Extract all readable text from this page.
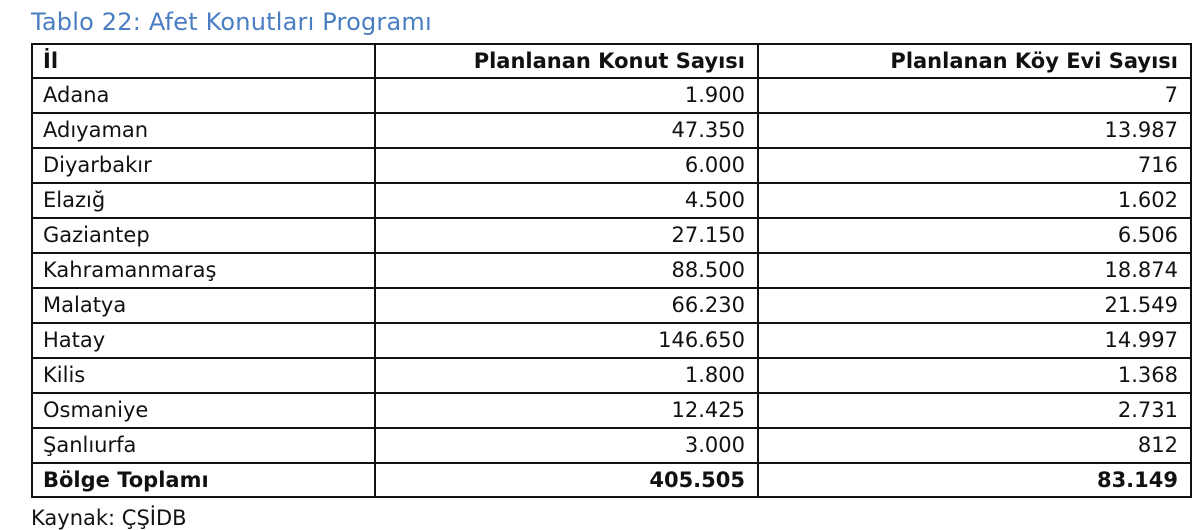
Tablo 22: Afet Konutları Programı
İl	Planlanan Konut Sayısı	Planlanan Köy Evi Sayısı
Adana	1.900	7
Adıyaman	47.350	13.987
Diyarbakır	6.000	716
Elazığ	4.500	1.602
Gaziantep	27.150	6.506
Kahramanmaraş	88.500	18.874
Malatya	66.230	21.549
Hatay	146.650	14.997
Kilis	1.800	1.368
Osmaniye	12.425	2.731
Şanlıurfa	3.000	812
Bölge Toplamı	405.505	83.149
Kaynak: ÇŞİDB
